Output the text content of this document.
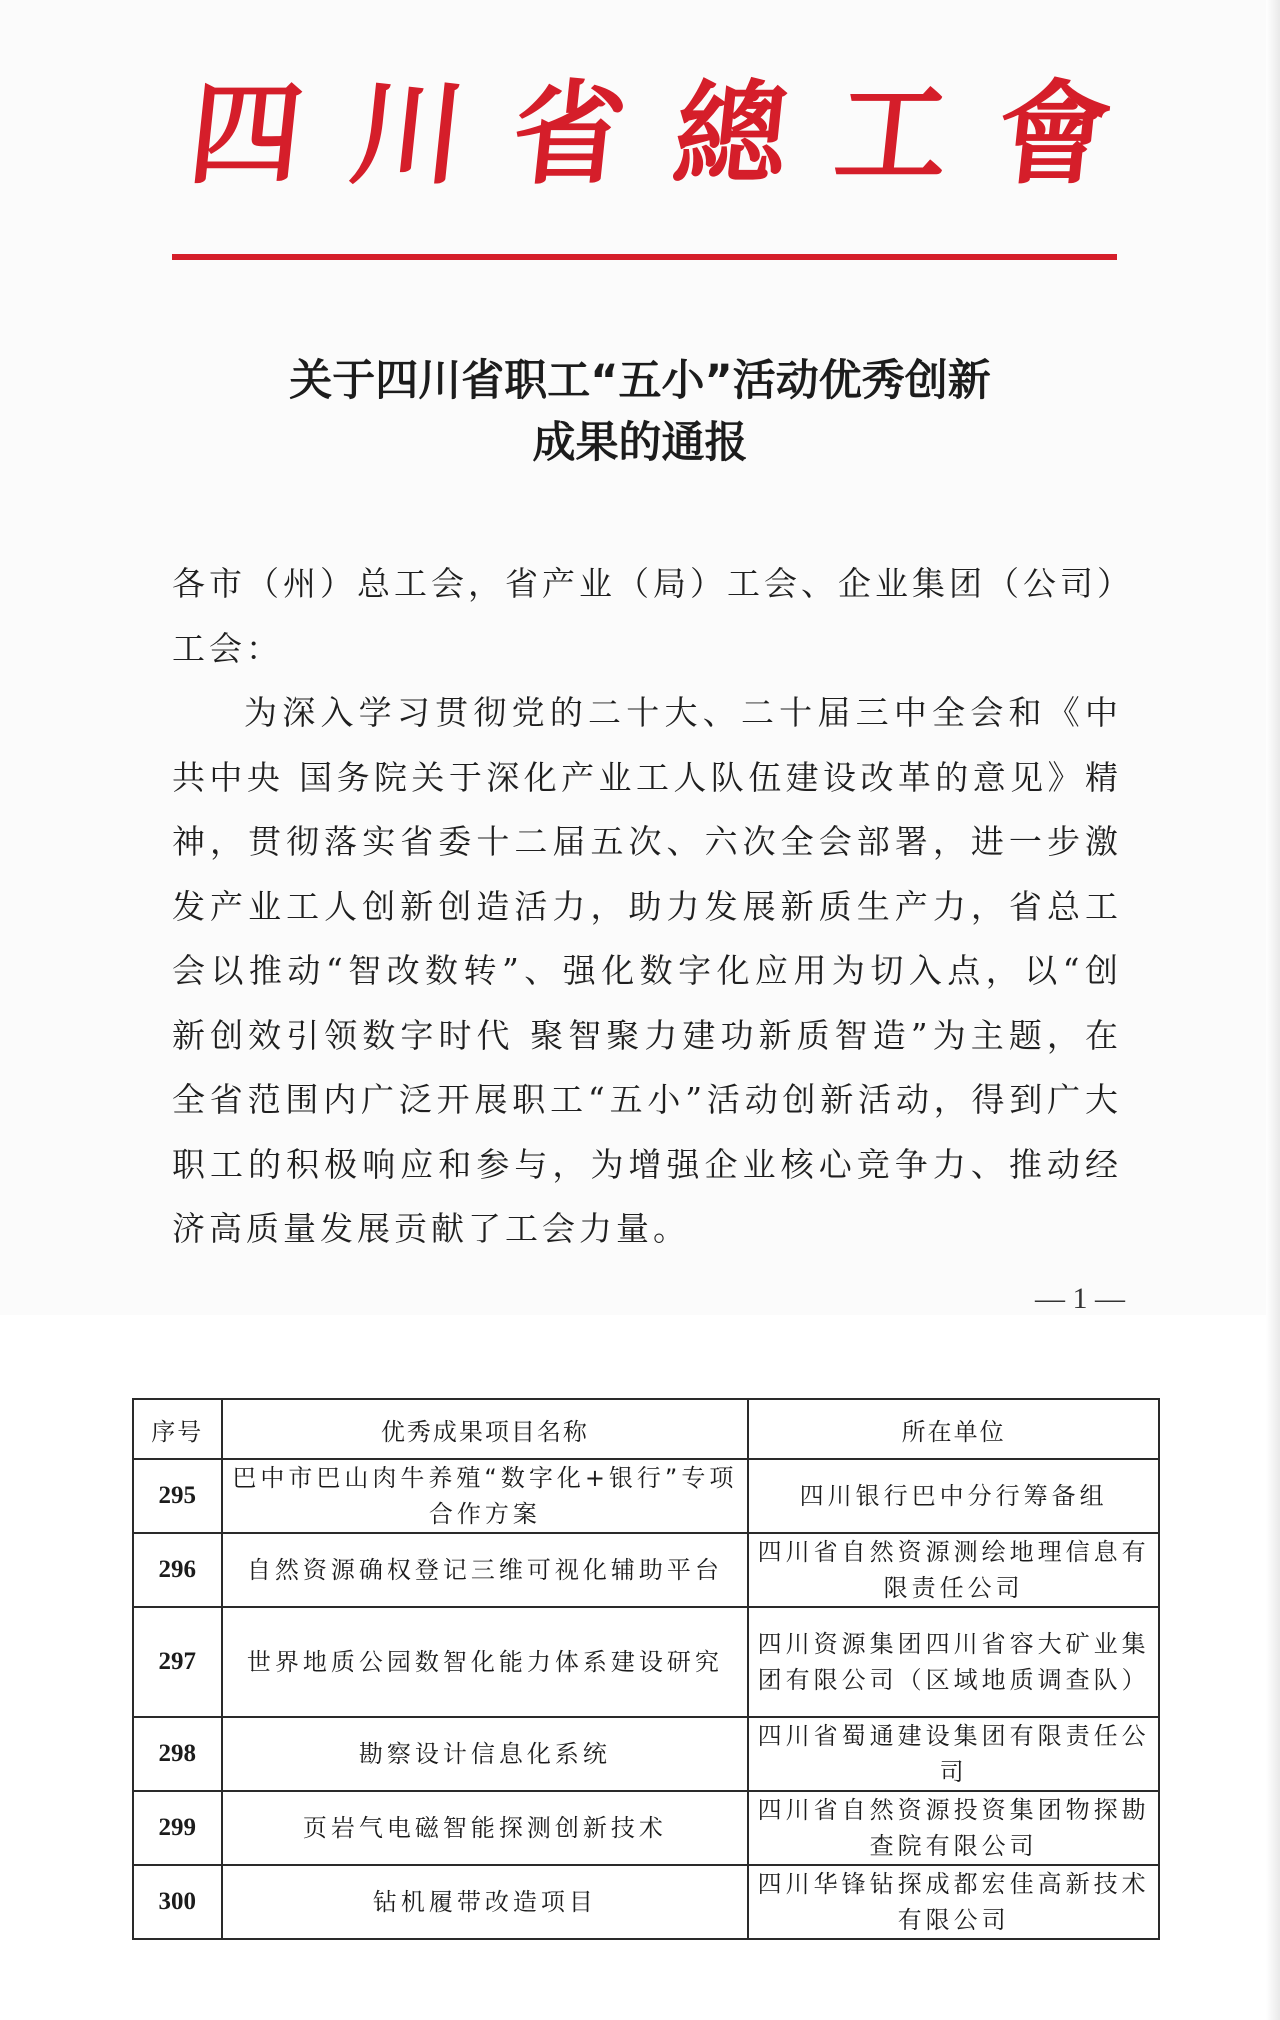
四 川 省 總 工 會
关于四川省职工“五小”活动优秀创新
成果的通报

各市（州）总工会，省产业（局）工会、企业集团（公司）

工会：

为深入学习贯彻党的二十大、二十届三中全会和《中共中央 国务院关于深化产业工人队伍建设改革的意见》精神，贯彻落实省委十二届五次、六次全会部署，进一步激发产业工人创新创造活力，助力发展新质生产力，省总工会以推动“智改数转”、强化数字化应用为切入点，以“创新创效引领数字时代 聚智聚力建功新质智造”为主题，在全省范围内广泛开展职工“五小”活动创新活动，得到广大职工的积极响应和参与，为增强企业核心竞争力、推动经济高质量发展贡献了工会力量。

— 1 —
序号	优秀成果项目名称	所在单位
295	巴中市巴山肉牛养殖“数字化+银行”专项合作方案	四川银行巴中分行筹备组
296	自然资源确权登记三维可视化辅助平台	四川省自然资源测绘地理信息有限责任公司
297	世界地质公园数智化能力体系建设研究	四川资源集团四川省容大矿业集团有限公司（区域地质调查队）
298	勘察设计信息化系统	四川省蜀通建设集团有限责任公司
299	页岩气电磁智能探测创新技术	四川省自然资源投资集团物探勘查院有限公司
300	钻机履带改造项目	四川华锋钻探成都宏佳高新技术有限公司
